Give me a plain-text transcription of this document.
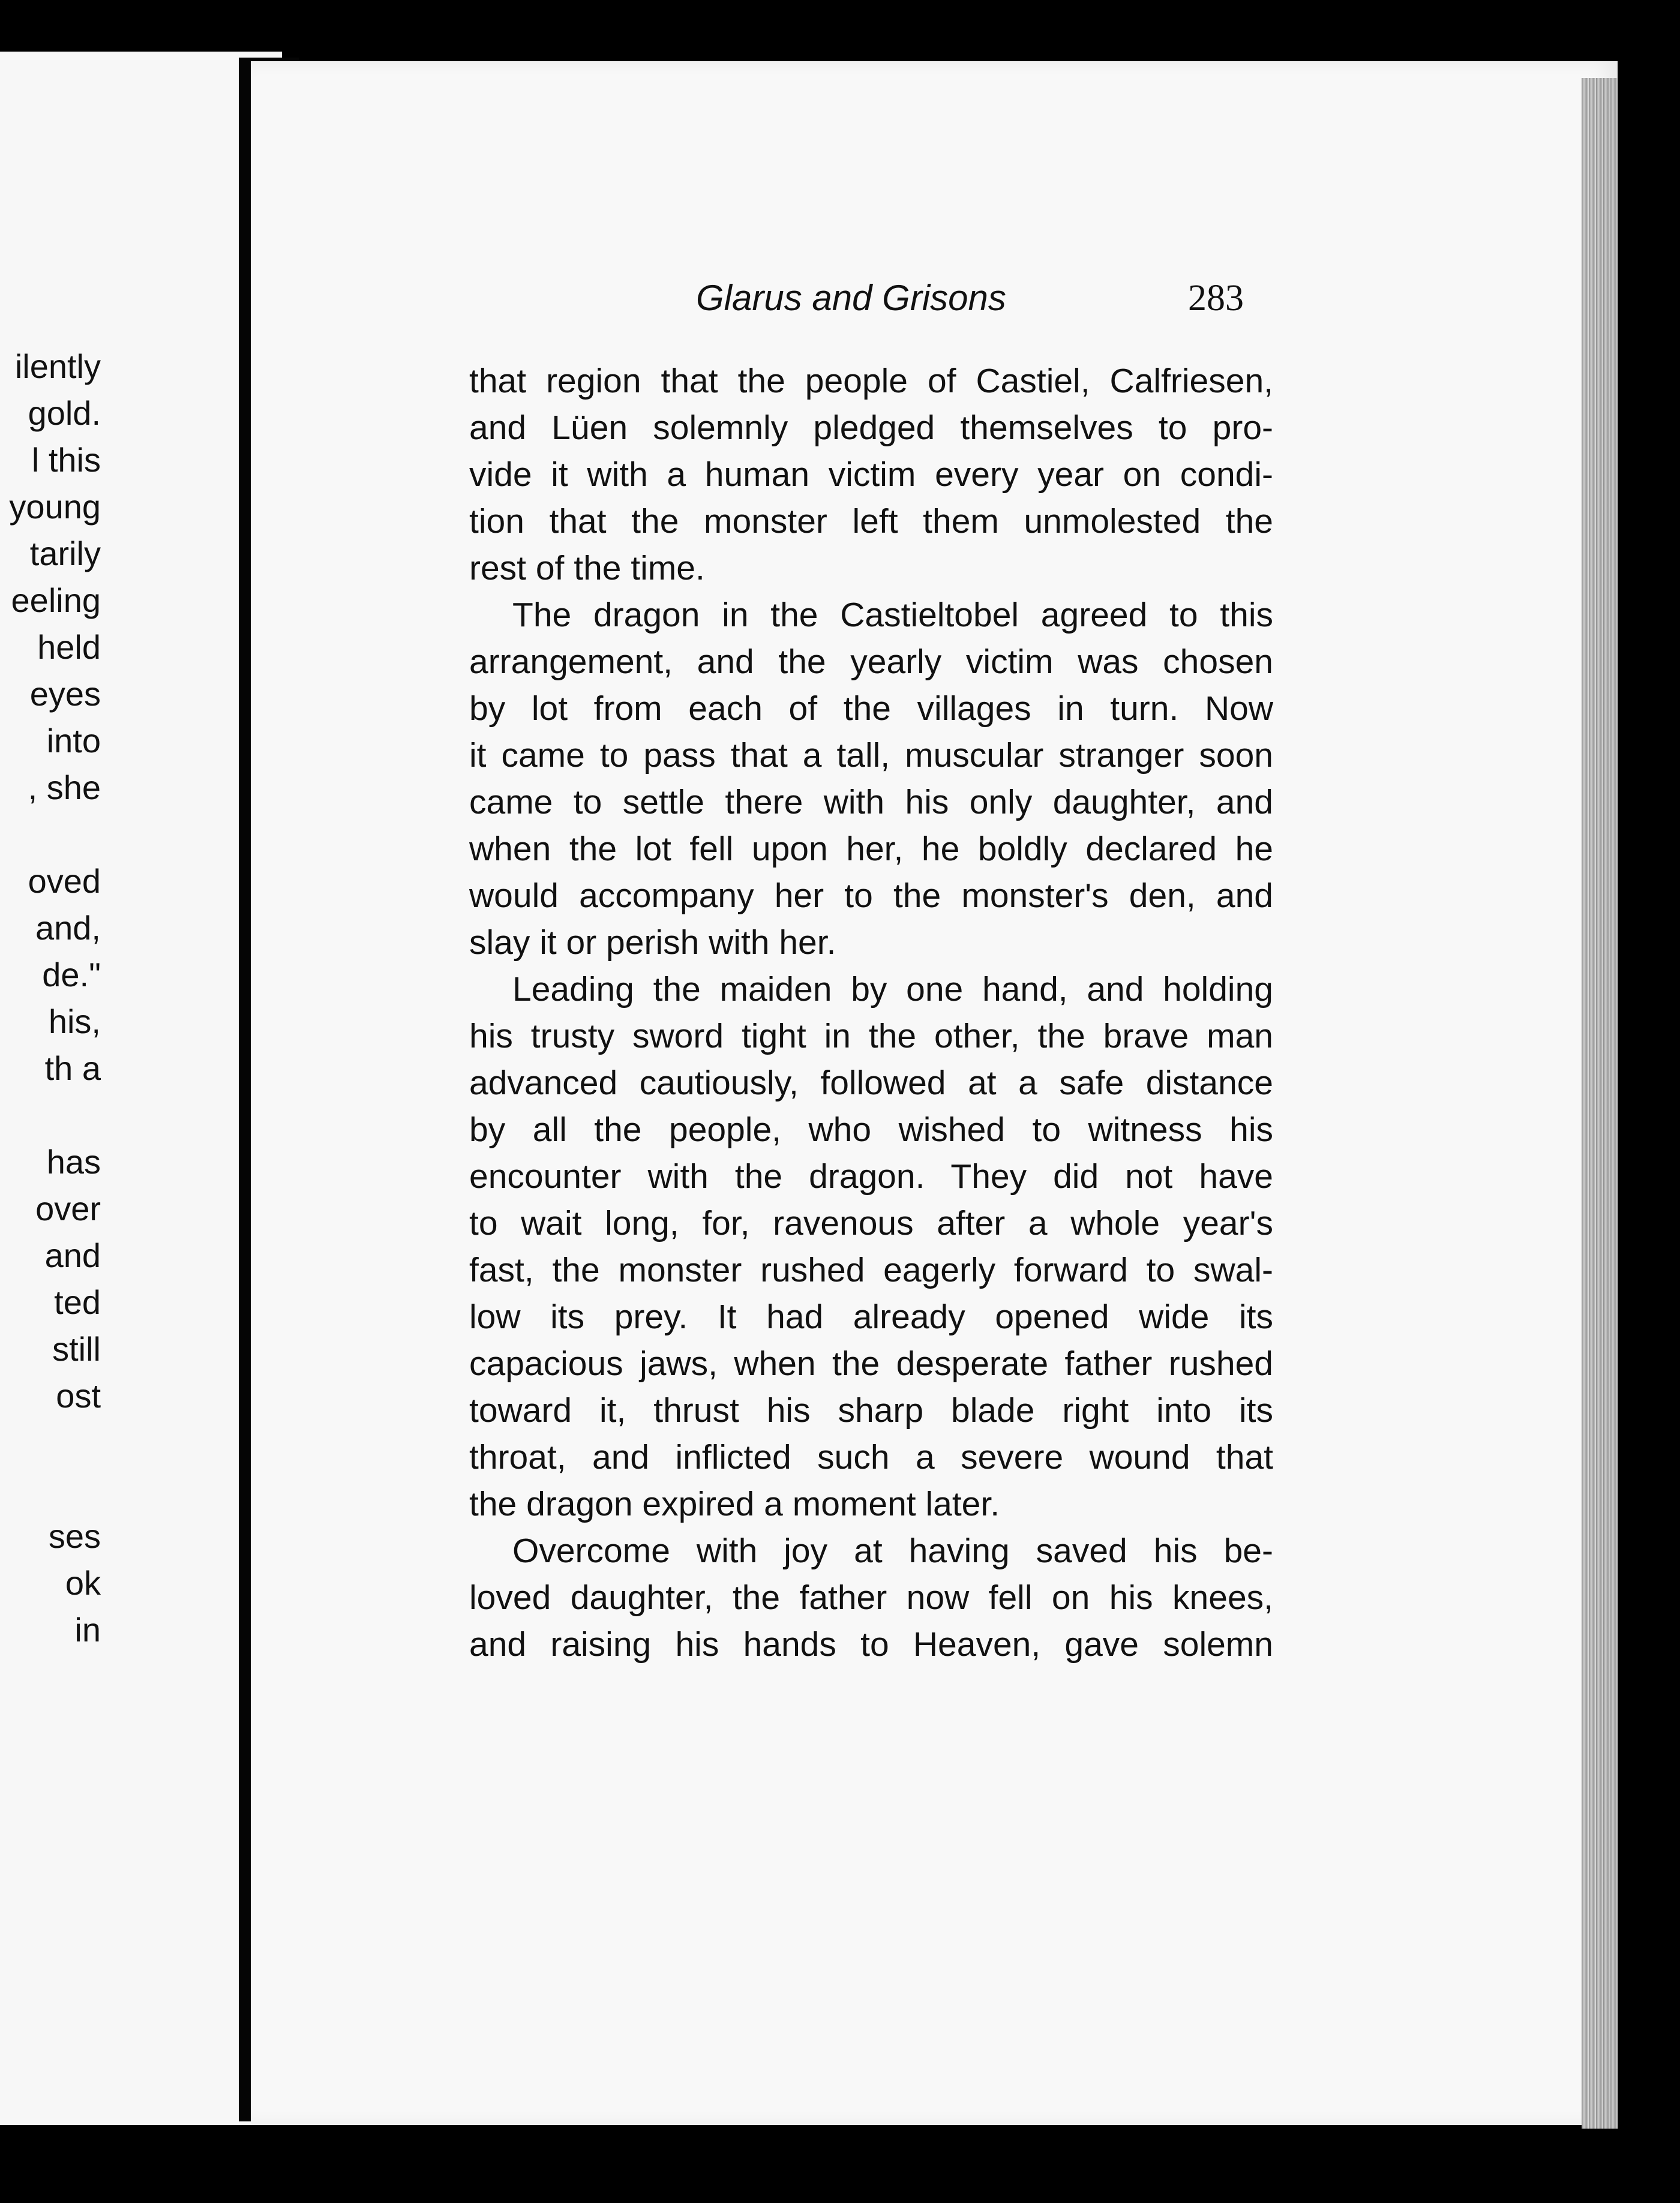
ilently
gold.
l this
young
tarily
eeling
held
eyes
into
, she
oved
and,
de."
his,
th a
has
over
and
ted
still
ost
ses
ok
in
Glarus and Grisons	283
that region that the people of Castiel, Calfriesen,
and Lüen solemnly pledged themselves to pro-
vide it with a human victim every year on condi-
tion that the monster left them unmolested the
rest of the time.
The dragon in the Castieltobel agreed to this
arrangement, and the yearly victim was chosen
by lot from each of the villages in turn. Now
it came to pass that a tall, muscular stranger soon
came to settle there with his only daughter, and
when the lot fell upon her, he boldly declared he
would accompany her to the monster's den, and
slay it or perish with her.
Leading the maiden by one hand, and holding
his trusty sword tight in the other, the brave man
advanced cautiously, followed at a safe distance
by all the people, who wished to witness his
encounter with the dragon. They did not have
to wait long, for, ravenous after a whole year's
fast, the monster rushed eagerly forward to swal-
low its prey. It had already opened wide its
capacious jaws, when the desperate father rushed
toward it, thrust his sharp blade right into its
throat, and inflicted such a severe wound that
the dragon expired a moment later.
Overcome with joy at having saved his be-
loved daughter, the father now fell on his knees,
and raising his hands to Heaven, gave solemn
